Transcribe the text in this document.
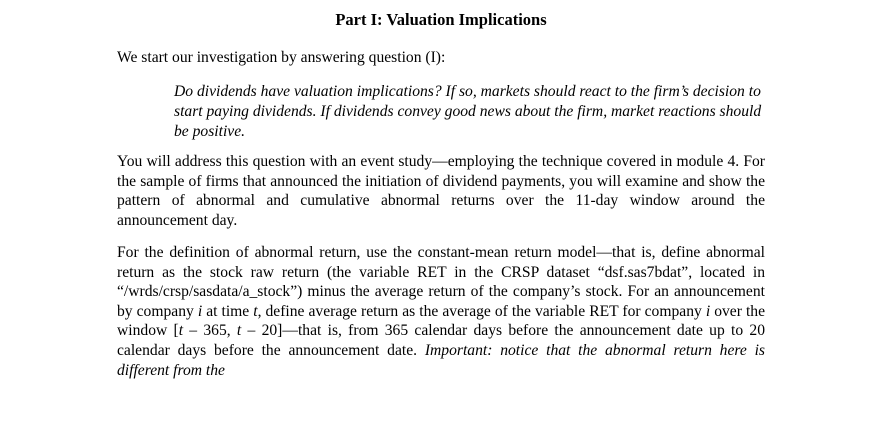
Part I: Valuation Implications

We start our investigation by answering question (I):

Do dividends have valuation implications? If so, markets should react to the firm’s decision to start paying dividends. If dividends convey good news about the firm, market reactions should be positive.

You will address this question with an event study—employing the technique covered in module 4. For the sample of firms that announced the initiation of dividend payments, you will examine and show the pattern of abnormal and cumulative abnormal returns over the 11-day window around the announcement day.

For the definition of abnormal return, use the constant-mean return model—that is, define abnormal return as the stock raw return (the variable RET in the CRSP dataset “dsf.sas7bdat”, located in “/wrds/crsp/sasdata/a_stock”) minus the average return of the company’s stock. For an announcement by company i at time t, define average return as the average of the variable RET for company i over the window [t – 365, t – 20]—that is, from 365 calendar days before the announcement date up to 20 calendar days before the announcement date. Important: notice that the abnormal return here is different from the
